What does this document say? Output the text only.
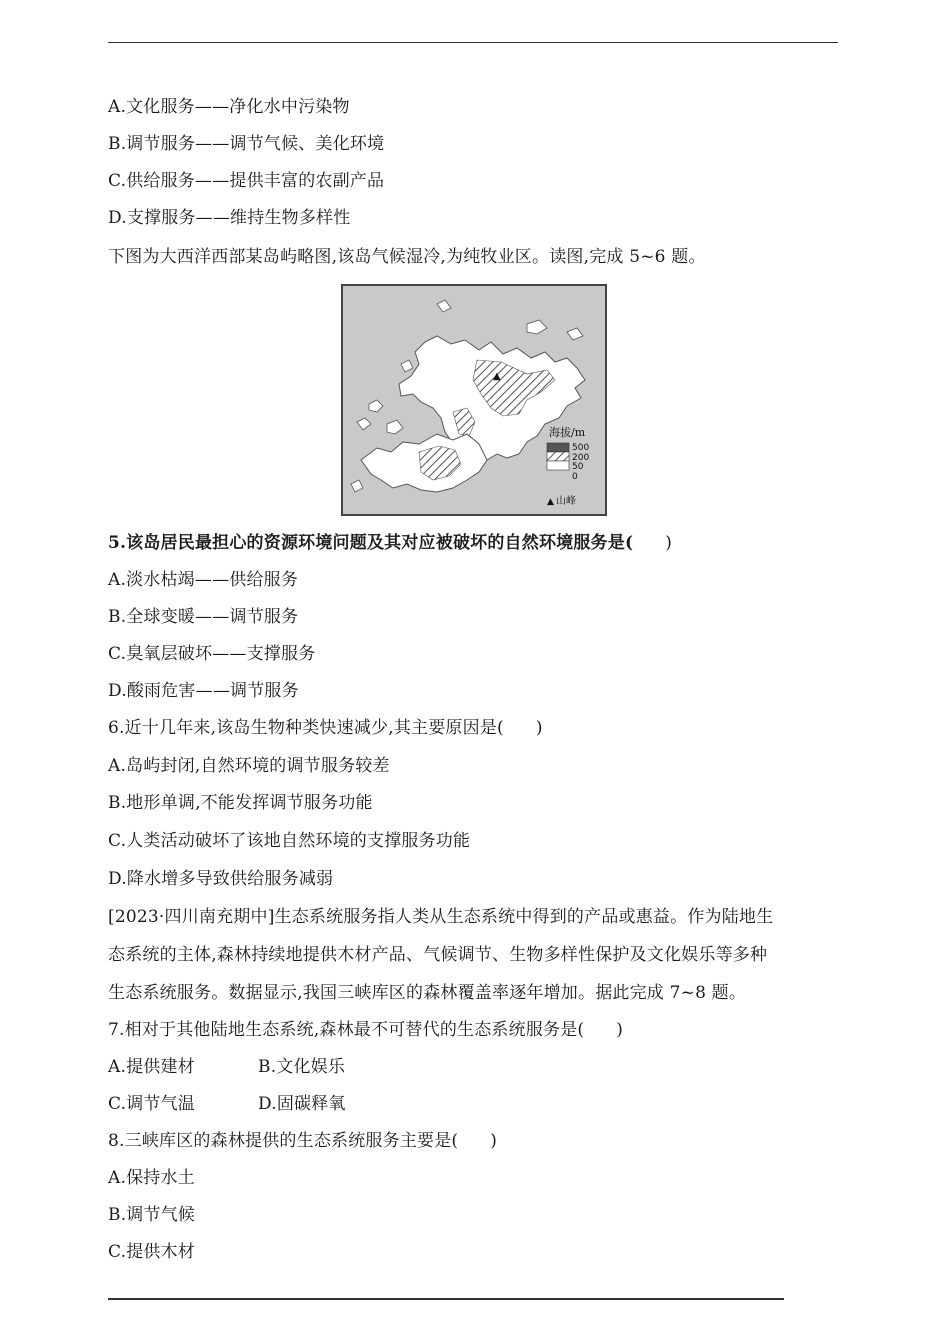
A.文化服务——净化水中污染物
B.调节服务——调节气候、美化环境
C.供给服务——提供丰富的农副产品
D.支撑服务——维持生物多样性
下图为大西洋西部某岛屿略图,该岛气候湿冷,为纯牧业区。读图,完成 5~6 题。
▲
海拔/m
500
200
50
0
▲ 山峰
5.该岛居民最担心的资源环境问题及其对应被破坏的自然环境服务是( )
A.淡水枯竭——供给服务
B.全球变暖——调节服务
C.臭氧层破坏——支撑服务
D.酸雨危害——调节服务
6.近十几年来,该岛生物种类快速减少,其主要原因是( )
A.岛屿封闭,自然环境的调节服务较差
B.地形单调,不能发挥调节服务功能
C.人类活动破坏了该地自然环境的支撑服务功能
D.降水增多导致供给服务减弱
[2023·四川南充期中]生态系统服务指人类从生态系统中得到的产品或惠益。作为陆地生
态系统的主体,森林持续地提供木材产品、气候调节、生物多样性保护及文化娱乐等多种
生态系统服务。数据显示,我国三峡库区的森林覆盖率逐年增加。据此完成 7~8 题。
7.相对于其他陆地生态系统,森林最不可替代的生态系统服务是( )
A.提供建材	B.文化娱乐
C.调节气温	D.固碳释氧
8.三峡库区的森林提供的生态系统服务主要是( )
A.保持水土
B.调节气候
C.提供木材
